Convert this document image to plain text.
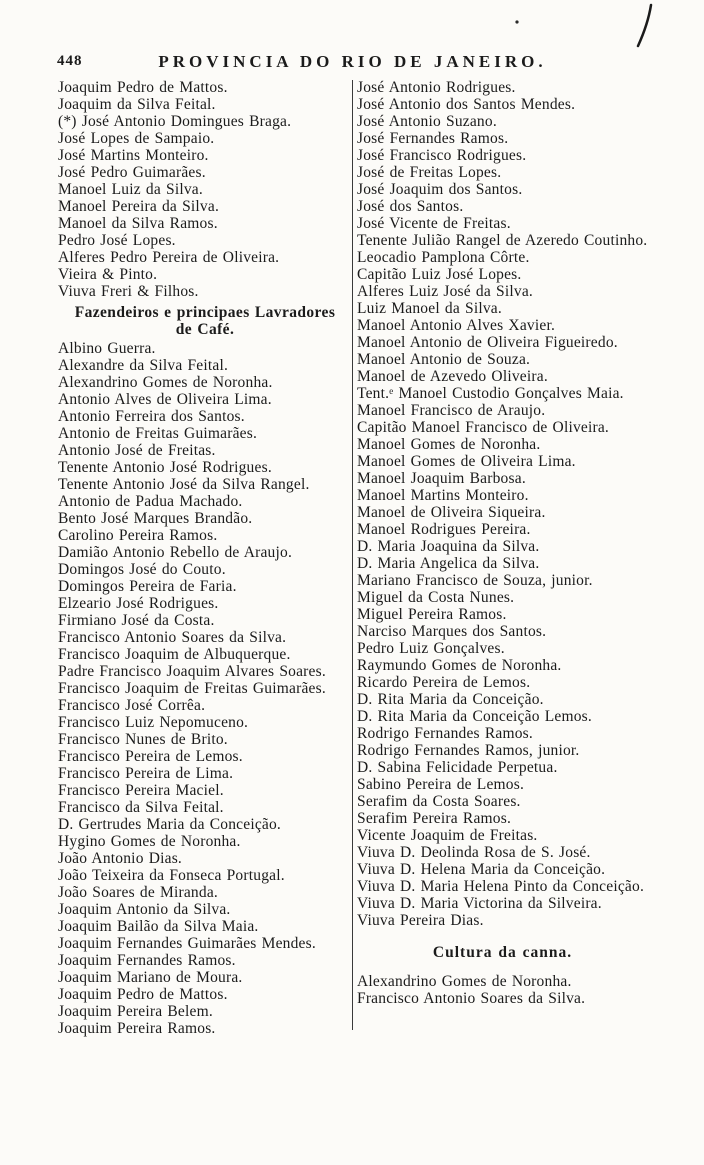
448	PROVINCIA DO RIO DE JANEIRO.
Joaquim Pedro de Mattos.
Joaquim da Silva Feital.
(*) José Antonio Domingues Braga.
José Lopes de Sampaio.
José Martins Monteiro.
José Pedro Guimarães.
Manoel Luiz da Silva.
Manoel Pereira da Silva.
Manoel da Silva Ramos.
Pedro José Lopes.
Alferes Pedro Pereira de Oliveira.
Vieira & Pinto.
Viuva Freri & Filhos.
Fazendeiros e principaes Lavradores
de Café.
Albino Guerra.
Alexandre da Silva Feital.
Alexandrino Gomes de Noronha.
Antonio Alves de Oliveira Lima.
Antonio Ferreira dos Santos.
Antonio de Freitas Guimarães.
Antonio José de Freitas.
Tenente Antonio José Rodrigues.
Tenente Antonio José da Silva Rangel.
Antonio de Padua Machado.
Bento José Marques Brandão.
Carolino Pereira Ramos.
Damião Antonio Rebello de Araujo.
Domingos José do Couto.
Domingos Pereira de Faria.
Elzeario José Rodrigues.
Firmiano José da Costa.
Francisco Antonio Soares da Silva.
Francisco Joaquim de Albuquerque.
Padre Francisco Joaquim Alvares Soares.
Francisco Joaquim de Freitas Guimarães.
Francisco José Corrêa.
Francisco Luiz Nepomuceno.
Francisco Nunes de Brito.
Francisco Pereira de Lemos.
Francisco Pereira de Lima.
Francisco Pereira Maciel.
Francisco da Silva Feital.
D. Gertrudes Maria da Conceição.
Hygino Gomes de Noronha.
João Antonio Dias.
João Teixeira da Fonseca Portugal.
João Soares de Miranda.
Joaquim Antonio da Silva.
Joaquim Bailão da Silva Maia.
Joaquim Fernandes Guimarães Mendes.
Joaquim Fernandes Ramos.
Joaquim Mariano de Moura.
Joaquim Pedro de Mattos.
Joaquim Pereira Belem.
Joaquim Pereira Ramos.
José Antonio Rodrigues.
José Antonio dos Santos Mendes.
José Antonio Suzano.
José Fernandes Ramos.
José Francisco Rodrigues.
José de Freitas Lopes.
José Joaquim dos Santos.
José dos Santos.
José Vicente de Freitas.
Tenente Julião Rangel de Azeredo Coutinho.
Leocadio Pamplona Côrte.
Capitão Luiz José Lopes.
Alferes Luiz José da Silva.
Luiz Manoel da Silva.
Manoel Antonio Alves Xavier.
Manoel Antonio de Oliveira Figueiredo.
Manoel Antonio de Souza.
Manoel de Azevedo Oliveira.
Tent.ᵉ Manoel Custodio Gonçalves Maia.
Manoel Francisco de Araujo.
Capitão Manoel Francisco de Oliveira.
Manoel Gomes de Noronha.
Manoel Gomes de Oliveira Lima.
Manoel Joaquim Barbosa.
Manoel Martins Monteiro.
Manoel de Oliveira Siqueira.
Manoel Rodrigues Pereira.
D. Maria Joaquina da Silva.
D. Maria Angelica da Silva.
Mariano Francisco de Souza, junior.
Miguel da Costa Nunes.
Miguel Pereira Ramos.
Narciso Marques dos Santos.
Pedro Luiz Gonçalves.
Raymundo Gomes de Noronha.
Ricardo Pereira de Lemos.
D. Rita Maria da Conceição.
D. Rita Maria da Conceição Lemos.
Rodrigo Fernandes Ramos.
Rodrigo Fernandes Ramos, junior.
D. Sabina Felicidade Perpetua.
Sabino Pereira de Lemos.
Serafim da Costa Soares.
Serafim Pereira Ramos.
Vicente Joaquim de Freitas.
Viuva D. Deolinda Rosa de S. José.
Viuva D. Helena Maria da Conceição.
Viuva D. Maria Helena Pinto da Conceição.
Viuva D. Maria Victorina da Silveira.
Viuva Pereira Dias.
Cultura da canna.
Alexandrino Gomes de Noronha.
Francisco Antonio Soares da Silva.
